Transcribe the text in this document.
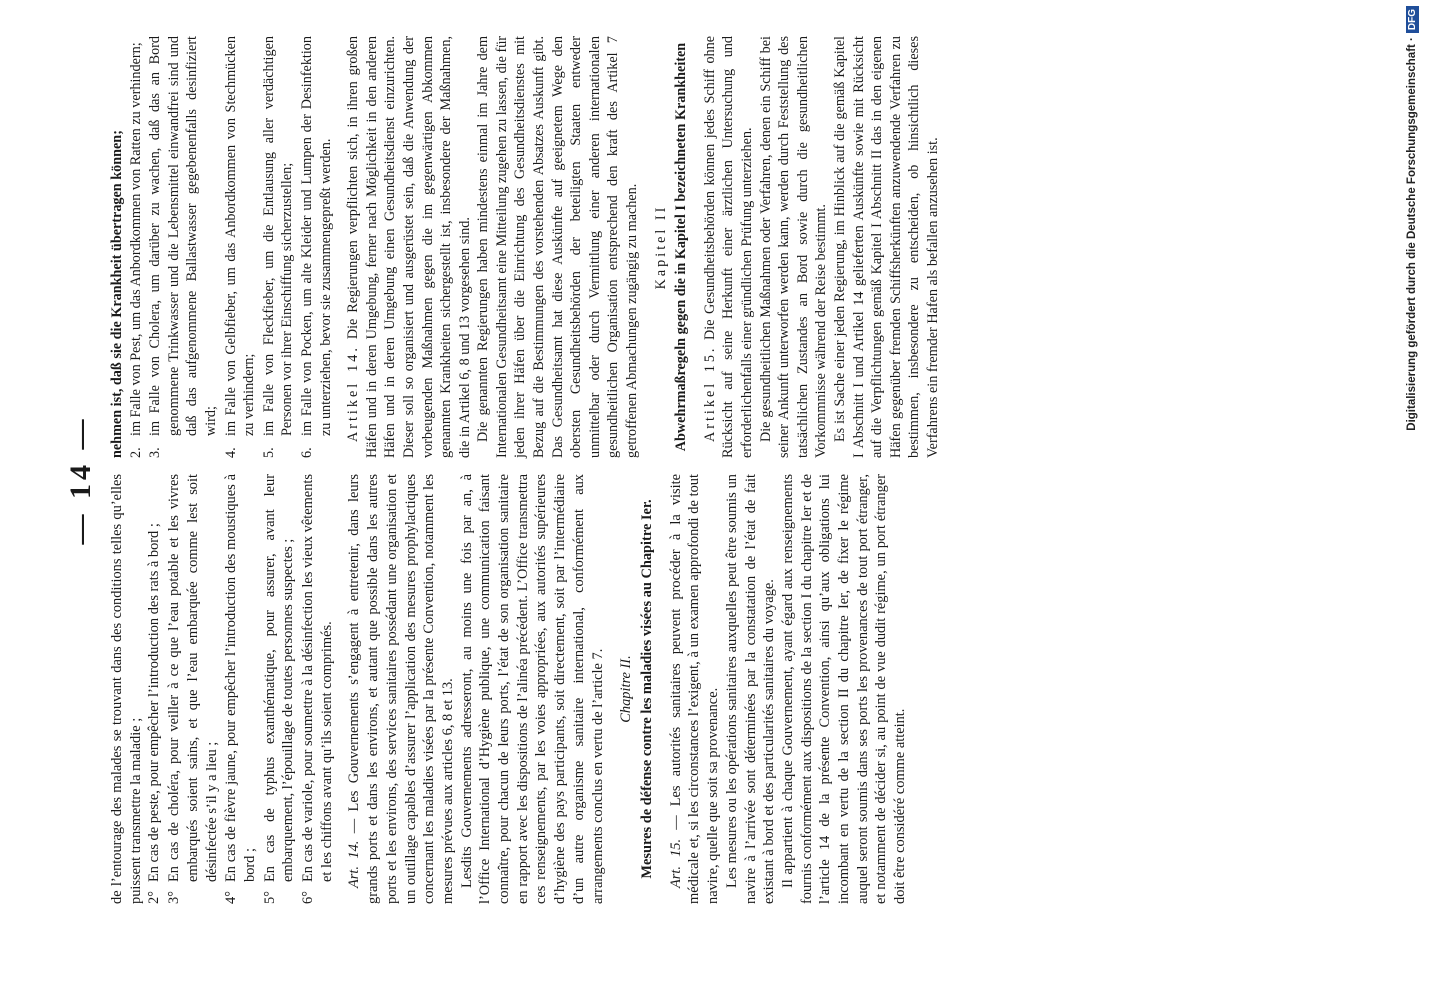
— 14 — de l’entourage des malades se trouvant dans des conditions telles qu’elles puissent transmettre la maladie ; 2°
En cas de peste, pour empêcher l’introduction des rats à bord ;
3°
En cas de choléra, pour veiller à ce que l’eau potable et les vivres embarqués soient sains, et que l’eau embarquée comme lest soit désinfectée s’il y a lieu ;
4°
En cas de fièvre jaune, pour empêcher l’introduction des moustiques à bord ;
5°
En cas de typhus exanthématique, pour assurer, avant leur embarquement, l’épouillage de toutes personnes suspectes ;
6°
En cas de variole, pour soumettre à la désinfection les vieux vêtements et les chiffons avant qu’ils soient comprimés. Art. 14. — Les Gouvernements s’engagent à entretenir, dans leurs grands ports et dans les environs, et autant que possible dans les autres ports et les environs, des services sanitaires possédant une organisation et un outillage capables d’assurer l’application des mesures prophylactiques concernant les maladies visées par la présente Convention, notamment les mesures prévues aux articles 6, 8 et 13. Lesdits Gouvernements adresseront, au moins une fois par an, à l’Office International d’Hygiène publique, une communication faisant connaître, pour chacun de leurs ports, l’état de son organisation sanitaire en rapport avec les dispositions de l’alinéa précédent. L’Office transmettra ces renseignements, par les voies appropriées, aux autorités supérieures d’hygiène des pays participants, soit directement, soit par l’intermédiaire d’un autre organisme sanitaire international, conformément aux arrangements conclus en vertu de l’article 7. Chapitre II. Mesures de défense contre les maladies visées au Chapitre Ier. Art. 15. — Les autorités sanitaires peuvent procéder à la visite médicale et, si les circonstances l’exigent, à un examen approfondi de tout navire, quelle que soit sa provenance. Les mesures ou les opérations sanitaires auxquelles peut être soumis un navire à l’arrivée sont déterminées par la constatation de l’état de fait existant à bord et des particularités sanitaires du voyage. Il appartient à chaque Gouvernement, ayant égard aux renseignements fournis conformément aux dispositions de la section I du chapitre Ier et de l’article 14 de la présente Convention, ainsi qu’aux obligations lui incombant en vertu de la section II du chapitre Ier, de fixer le régime auquel seront soumis dans ses ports les provenances de tout port étranger, et notamment de décider si, au point de vue dudit régime, un port étranger doit être considéré comme atteint.

nehmen ist, daß sie die Krankheit übertragen können; 2.
im Falle von Pest, um das Anbordkommen von Ratten zu verhindern;
3.
im Falle von Cholera, um darüber zu wachen, daß das an Bord genommene Trinkwasser und die Lebensmittel einwandfrei sind und daß das aufgenommene Ballastwasser gegebenenfalls desinfiziert wird;
4.
im Falle von Gelbfieber, um das Anbordkommen von Stechmücken zu verhindern;
5.
im Falle von Fleckfieber, um die Entlausung aller verdächtigen Personen vor ihrer Einschiffung sicherzustellen;
6.
im Falle von Pocken, um alte Kleider und Lumpen der Desinfektion zu unterziehen, bevor sie zusammengepreßt werden. Artikel 14. Die Regierungen verpflichten sich, in ihren großen Häfen und in deren Umgebung, ferner nach Möglichkeit in den anderen Häfen und in deren Umgebung einen Gesundheitsdienst einzurichten. Dieser soll so organisiert und ausgerüstet sein, daß die Anwendung der vorbeugenden Maßnahmen gegen die im gegenwärtigen Abkommen genannten Krankheiten sichergestellt ist, insbesondere der Maßnahmen, die in Artikel 6, 8 und 13 vorgesehen sind. Die genannten Regierungen haben mindestens einmal im Jahre dem Internationalen Gesundheitsamt eine Mitteilung zugehen zu lassen, die für jeden ihrer Häfen über die Einrichtung des Gesundheitsdienstes mit Bezug auf die Bestimmungen des vorstehenden Absatzes Auskunft gibt. Das Gesundheitsamt hat diese Auskünfte auf geeignetem Wege den obersten Gesundheitsbehörden der beteiligten Staaten entweder unmittelbar oder durch Vermittlung einer anderen internationalen gesundheitlichen Organisation entsprechend den kraft des Artikel 7 getroffenen Abmachungen zugängig zu machen. Kapitel II Abwehrmaßregeln gegen die in Kapitel I bezeichneten Krankheiten Artikel 15. Die Gesundheitsbehörden können jedes Schiff ohne Rücksicht auf seine Herkunft einer ärztlichen Untersuchung und erforderlichenfalls einer gründlichen Prüfung unterziehen. Die gesundheitlichen Maßnahmen oder Verfahren, denen ein Schiff bei seiner Ankunft unterworfen werden kann, werden durch Feststellung des tatsächlichen Zustandes an Bord sowie durch die gesundheitlichen Vorkommnisse während der Reise bestimmt. Es ist Sache einer jeden Regierung, im Hinblick auf die gemäß Kapitel I Abschnitt I und Artikel 14 gelieferten Auskünfte sowie mit Rücksicht auf die Verpflichtungen gemäß Kapitel I Abschnitt II das in den eigenen Häfen gegenüber fremden Schiffsherkünften anzuwendende Verfahren zu bestimmen, insbesondere zu entscheiden, ob hinsichtlich dieses Verfahrens ein fremder Hafen als befallen anzusehen ist.	Digitalisierung gefördert durch die Deutsche Forschungsgemeinschaft ·
DFG
